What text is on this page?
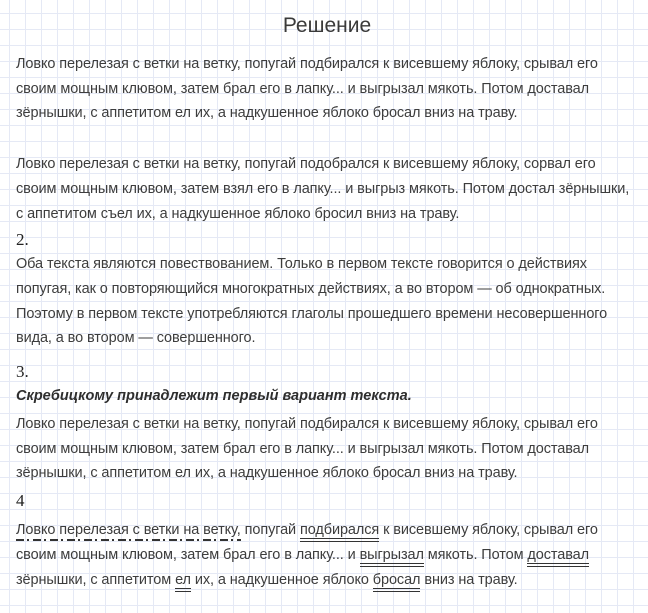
Решение
Ловко перелезая с ветки на ветку, попугай подбирался к висевшему яблоку, срывал его
своим мощным клювом, затем брал его в лапку... и выгрызал мякоть. Потом доставал
зёрнышки, с аппетитом ел их, а надкушенное яблоко бросал вниз на траву.
Ловко перелезая с ветки на ветку, попугай подобрался к висевшему яблоку, сорвал его
своим мощным клювом, затем взял его в лапку... и выгрыз мякоть. Потом достал зёрнышки,
с аппетитом съел их, а надкушенное яблоко бросил вниз на траву.
2.
Оба текста являются повествованием. Только в первом тексте говорится о действиях
попугая, как о повторяющийся многократных действиях, а во втором — об однократных.
Поэтому в первом тексте употребляются глаголы прошедшего времени несовершенного
вида, а во втором — совершенного.
3.
Скребицкому принадлежит первый вариант текста.
Ловко перелезая с ветки на ветку, попугай подбирался к висевшему яблоку, срывал его
своим мощным клювом, затем брал его в лапку... и выгрызал мякоть. Потом доставал
зёрнышки, с аппетитом ел их, а надкушенное яблоко бросал вниз на траву.
4
Ловко перелезая с ветки на ветку, попугай подбирался к висевшему яблоку, срывал его
своим мощным клювом, затем брал его в лапку... и выгрызал мякоть. Потом доставал
зёрнышки, с аппетитом ел их, а надкушенное яблоко бросал вниз на траву.
